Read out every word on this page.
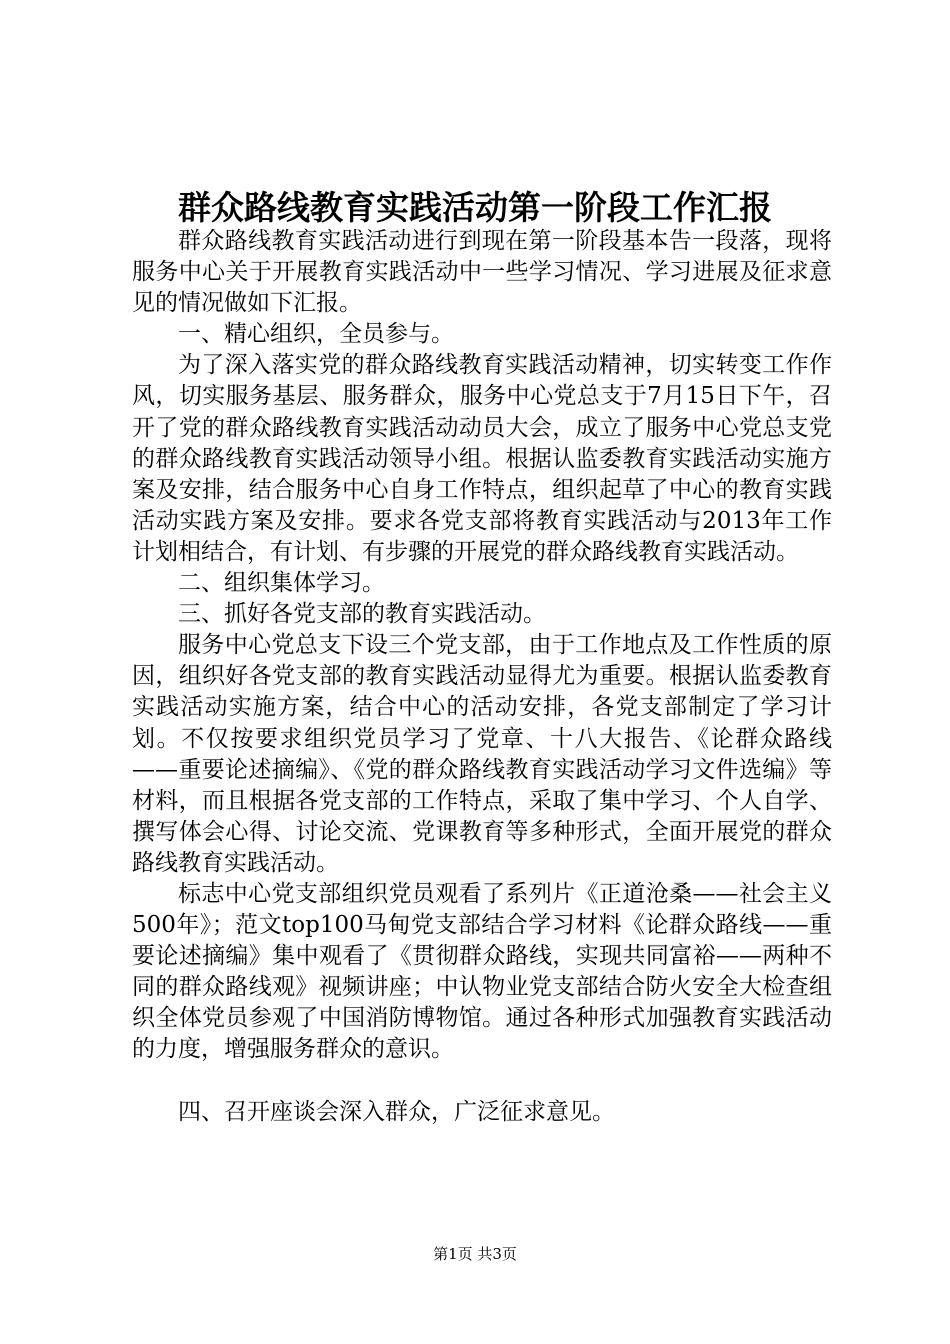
群众路线教育实践活动第一阶段工作汇报

群众路线教育实践活动进行到现在第一阶段基本告一段落，现将服务中心关于开展教育实践活动中一些学习情况、学习进展及征求意见的情况做如下汇报。

一、精心组织，全员参与。

为了深入落实党的群众路线教育实践活动精神，切实转变工作作风，切实服务基层、服务群众，服务中心党总支于7月15日下午，召开了党的群众路线教育实践活动动员大会，成立了服务中心党总支党的群众路线教育实践活动领导小组。根据认监委教育实践活动实施方案及安排，结合服务中心自身工作特点，组织起草了中心的教育实践活动实践方案及安排。要求各党支部将教育实践活动与2013年工作计划相结合，有计划、有步骤的开展党的群众路线教育实践活动。

二、组织集体学习。

三、抓好各党支部的教育实践活动。

服务中心党总支下设三个党支部，由于工作地点及工作性质的原因，组织好各党支部的教育实践活动显得尤为重要。根据认监委教育实践活动实施方案，结合中心的活动安排，各党支部制定了学习计划。不仅按要求组织党员学习了党章、十八大报告、《论群众路线——重要论述摘编》、《党的群众路线教育实践活动学习文件选编》等材料，而且根据各党支部的工作特点，采取了集中学习、个人自学、撰写体会心得、讨论交流、党课教育等多种形式，全面开展党的群众路线教育实践活动。

标志中心党支部组织党员观看了系列片《正道沧桑——社会主义500年》；范文top100马甸党支部结合学习材料《论群众路线——重要论述摘编》集中观看了《贯彻群众路线，实现共同富裕——两种不同的群众路线观》视频讲座；中认物业党支部结合防火安全大检查组织全体党员参观了中国消防博物馆。通过各种形式加强教育实践活动的力度，增强服务群众的意识。

四、召开座谈会深入群众，广泛征求意见。

第1页 共3页
